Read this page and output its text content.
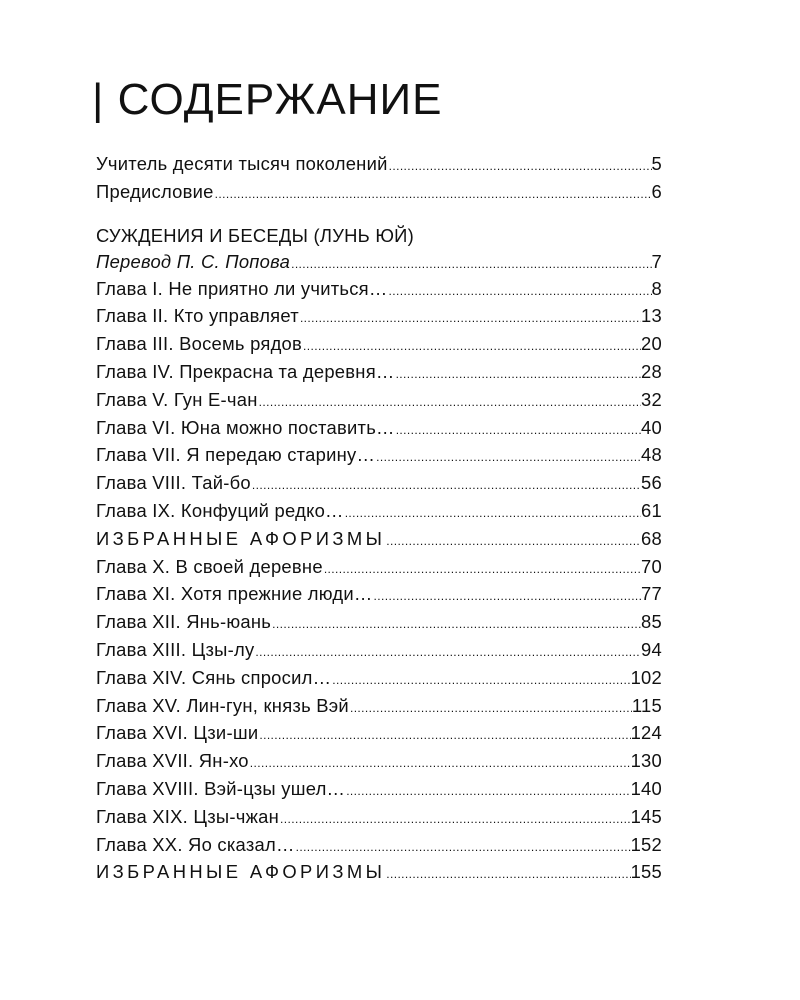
| СОДЕРЖАНИЕ
Учитель десяти тысяч поколений .....	5
Предисловие .....	6
СУЖДЕНИЯ И БЕСЕДЫ (ЛУНЬ ЮЙ)
Перевод П. С. Попова .....	7
Глава I. Не приятно ли учиться… .....	8
Глава II. Кто управляет .....	13
Глава III. Восемь рядов .....	20
Глава IV. Прекрасна та деревня… .....	28
Глава V. Гун Е-чан .....	32
Глава VI. Юна можно поставить… .....	40
Глава VII. Я передаю старину… .....	48
Глава VIII. Тай-бо .....	56
Глава IX. Конфуций редко… .....	61
ИЗБРАННЫЕ АФОРИЗМЫ .....	68
Глава X. В своей деревне .....	70
Глава XI. Хотя прежние люди… .....	77
Глава XII. Янь-юань .....	85
Глава XIII. Цзы-лу .....	94
Глава XIV. Сянь спросил… .....	102
Глава XV. Лин-гун, князь Вэй .....	115
Глава XVI. Цзи-ши .....	124
Глава XVII. Ян-хо .....	130
Глава XVIII. Вэй-цзы ушел… .....	140
Глава XIX. Цзы-чжан .....	145
Глава XX. Яо сказал… .....	152
ИЗБРАННЫЕ АФОРИЗМЫ .....	155
